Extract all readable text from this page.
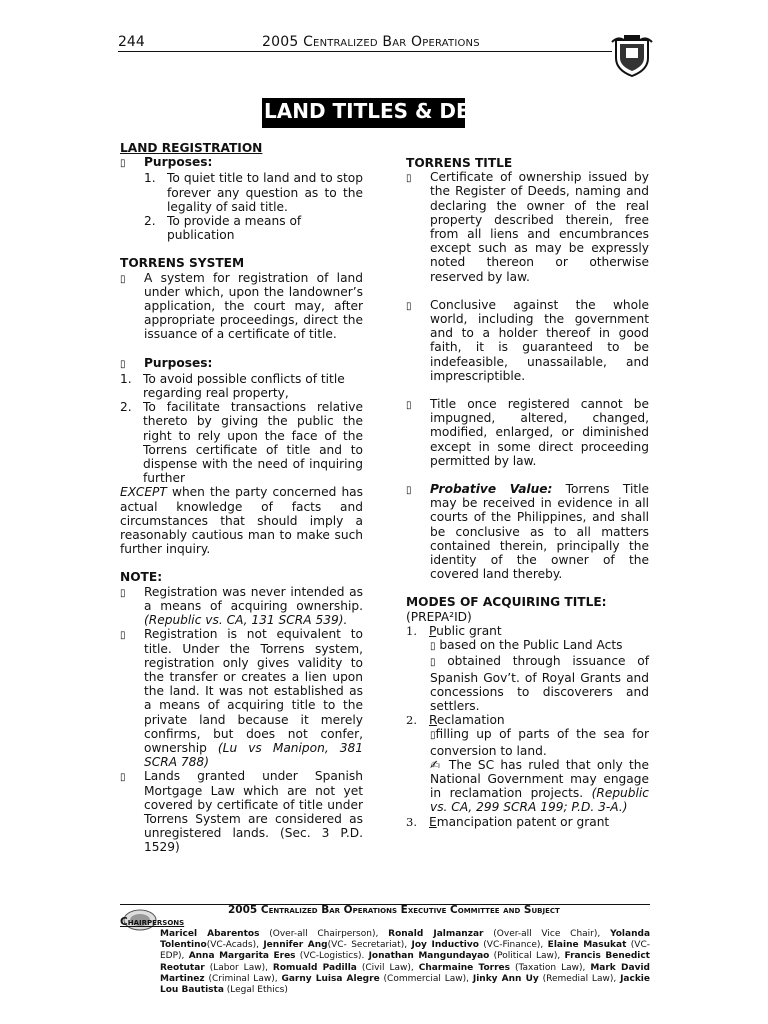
244	2005 Centralized Bar Operations
LAND TITLES & DEEDS
LAND REGISTRATION
▯
Purposes:
1. To quiet title to land and to stop forever any question as to the legality of said title.
2. To provide a means of publication
TORRENS SYSTEM
▯
A system for registration of land under which, upon the landowner’s application, the court may, after appropriate proceedings, direct the issuance of a certificate of title.
▯
Purposes:
1. To avoid possible conflicts of title regarding real property,
2. To facilitate transactions relative thereto by giving the public the right to rely upon the face of the Torrens certificate of title and to dispense with the need of inquiring further
EXCEPT when the party concerned has actual knowledge of facts and circumstances that should imply a reasonably cautious man to make such further inquiry.
NOTE:
▯
Registration was never intended as a means of acquiring ownership. (Republic vs. CA, 131 SCRA 539).
▯
Registration is not equivalent to title. Under the Torrens system, registration only gives validity to the transfer or creates a lien upon the land. It was not established as a means of acquiring title to the private land because it merely confirms, but does not confer, ownership (Lu vs Manipon, 381 SCRA 788)
▯
Lands granted under Spanish Mortgage Law which are not yet covered by certificate of title under Torrens System are considered as unregistered lands. (Sec. 3 P.D. 1529)
TORRENS TITLE
▯
Certificate of ownership issued by the Register of Deeds, naming and declaring the owner of the real property described therein, free from all liens and encumbrances except such as may be expressly noted thereon or otherwise reserved by law.
▯
Conclusive against the whole world, including the government and to a holder thereof in good faith, it is guaranteed to be indefeasible, unassailable, and imprescriptible.
▯
Title once registered cannot be impugned, altered, changed, modified, enlarged, or diminished except in some direct proceeding permitted by law.
▯
Probative Value: Torrens Title may be received in evidence in all courts of the Philippines, and shall be conclusive as to all matters contained therein, principally the identity of the owner of the covered land thereby.
MODES OF ACQUIRING TITLE:
(PREPA²ID)
1. Public grant
▯ based on the Public Land Acts
▯ obtained through issuance of Spanish Gov’t. of Royal Grants and concessions to discoverers and settlers.
2. Reclamation
▯ filling up of parts of the sea for conversion to land.
✍ The SC has ruled that only the National Government may engage in reclamation projects. (Republic vs. CA, 299 SCRA 199; P.D. 3-A.)
3. Emancipation patent or grant
2005 Centralized Bar Operations Executive Committee and Subject
Chairpersons
Maricel Abarentos (Over-all Chairperson), Ronald Jalmanzar (Over-all Vice Chair), Yolanda Tolentino(VC-Acads), Jennifer Ang(VC- Secretariat), Joy Inductivo (VC-Finance), Elaine Masukat (VC-EDP), Anna Margarita Eres (VC-Logistics). Jonathan Mangundayao (Political Law), Francis Benedict Reotutar (Labor Law), Romuald Padilla (Civil Law), Charmaine Torres (Taxation Law), Mark David Martinez (Criminal Law), Garny Luisa Alegre (Commercial Law), Jinky Ann Uy (Remedial Law), Jackie Lou Bautista (Legal Ethics)
